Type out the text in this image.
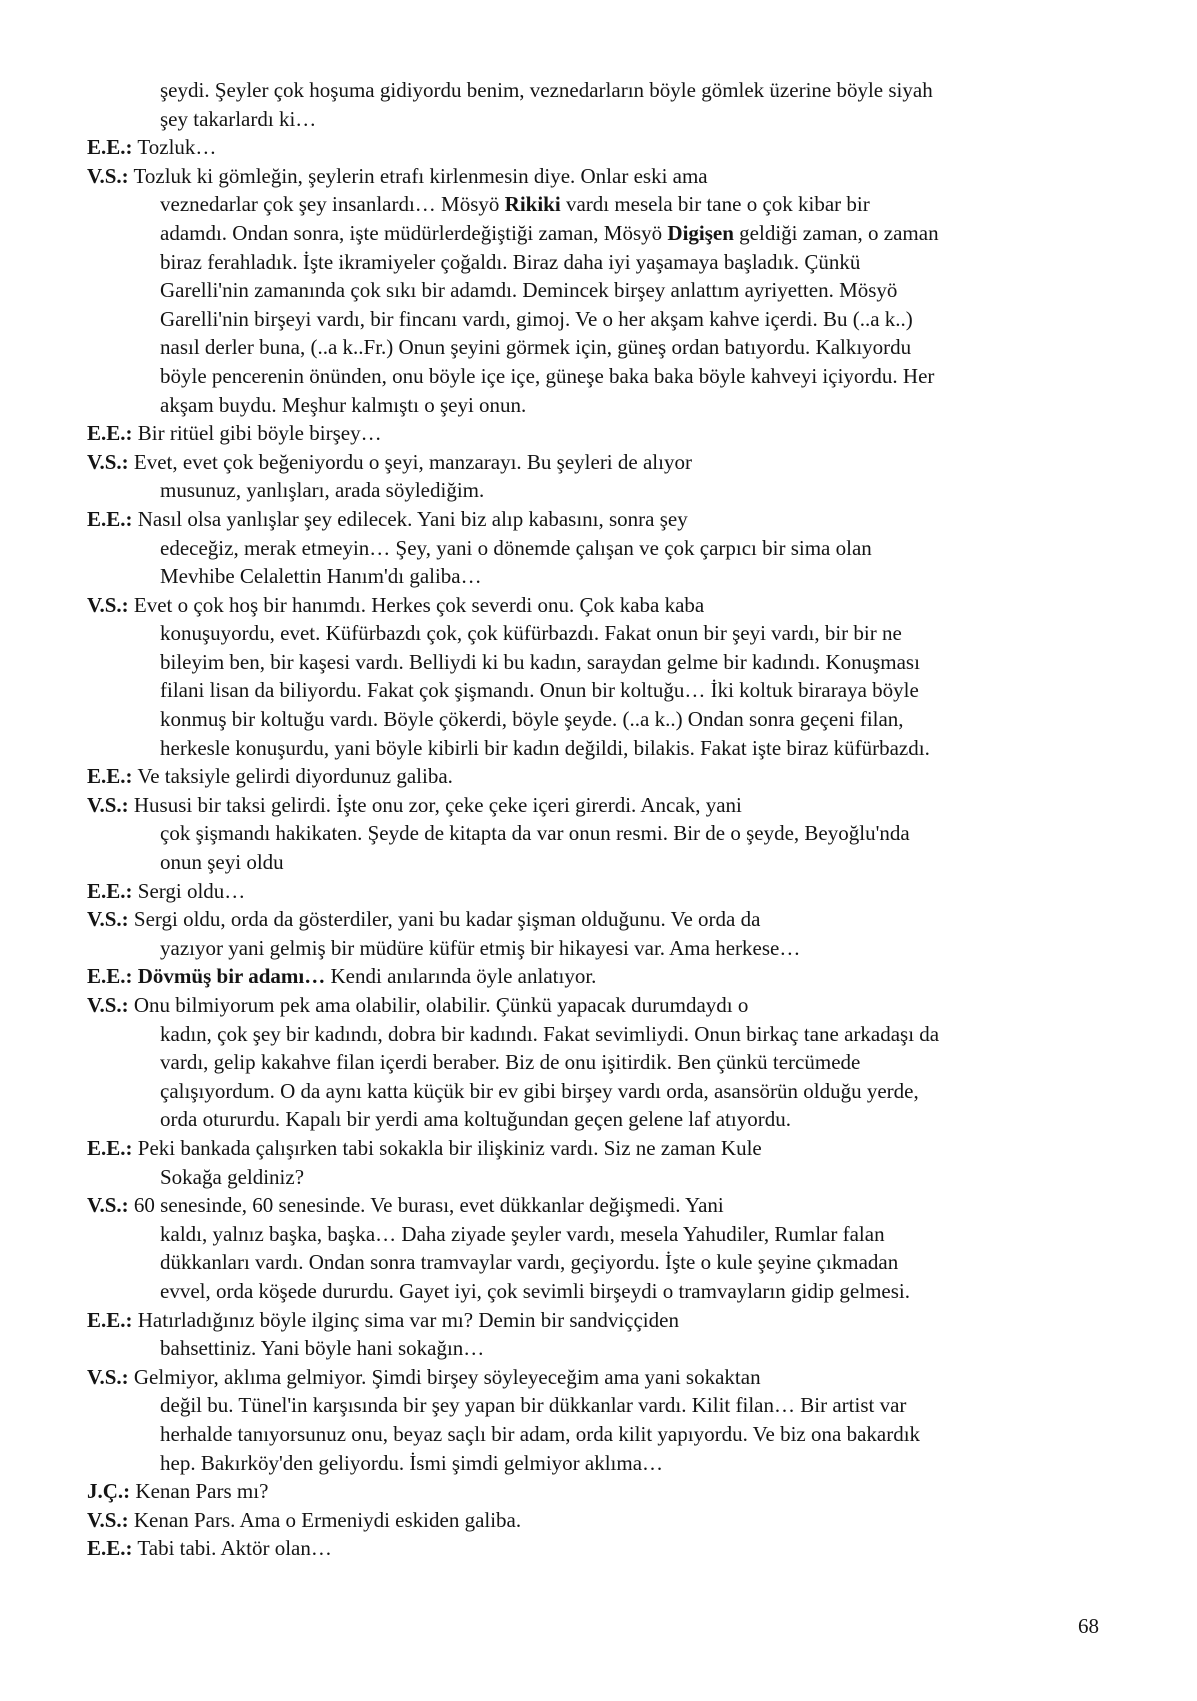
şeydi. Şeyler çok hoşuma gidiyordu benim, veznedarların böyle gömlek üzerine böyle siyah
şey takarlardı ki…
E.E.: Tozluk…
V.S.: Tozluk ki gömleğin, şeylerin etrafı kirlenmesin diye. Onlar eski ama
veznedarlar çok şey insanlardı… Mösyö Rikiki vardı mesela bir tane o çok kibar bir
adamdı. Ondan sonra, işte müdürlerdeğiştiği zaman, Mösyö Digişen geldiği zaman, o zaman
biraz ferahladık. İşte ikramiyeler çoğaldı. Biraz daha iyi yaşamaya başladık. Çünkü
Garelli'nin zamanında çok sıkı bir adamdı. Demincek birşey anlattım ayriyetten. Mösyö
Garelli'nin birşeyi vardı, bir fincanı vardı, gimoj. Ve o her akşam kahve içerdi. Bu (..a k..)
nasıl derler buna, (..a k..Fr.) Onun şeyini görmek için, güneş ordan batıyordu. Kalkıyordu
böyle pencerenin önünden, onu böyle içe içe, güneşe baka baka böyle kahveyi içiyordu. Her
akşam buydu. Meşhur kalmıştı o şeyi onun.
E.E.: Bir ritüel gibi böyle birşey…
V.S.: Evet, evet çok beğeniyordu o şeyi, manzarayı. Bu şeyleri de alıyor
musunuz, yanlışları, arada söylediğim.
E.E.: Nasıl olsa yanlışlar şey edilecek. Yani biz alıp kabasını, sonra şey
edeceğiz, merak etmeyin… Şey, yani o dönemde çalışan ve çok çarpıcı bir sima olan
Mevhibe Celalettin Hanım'dı galiba…
V.S.: Evet o çok hoş bir hanımdı. Herkes çok severdi onu. Çok kaba kaba
konuşuyordu, evet. Küfürbazdı çok, çok küfürbazdı. Fakat onun bir şeyi vardı, bir bir ne
bileyim ben, bir kaşesi vardı. Belliydi ki bu kadın, saraydan gelme bir kadındı. Konuşması
filani lisan da biliyordu. Fakat çok şişmandı. Onun bir koltuğu… İki koltuk biraraya böyle
konmuş bir koltuğu vardı. Böyle çökerdi, böyle şeyde. (..a k..) Ondan sonra geçeni filan,
herkesle konuşurdu, yani böyle kibirli bir kadın değildi, bilakis. Fakat işte biraz küfürbazdı.
E.E.: Ve taksiyle gelirdi diyordunuz galiba.
V.S.: Hususi bir taksi gelirdi. İşte onu zor, çeke çeke içeri girerdi. Ancak, yani
çok şişmandı hakikaten. Şeyde de kitapta da var onun resmi. Bir de o şeyde, Beyoğlu'nda
onun şeyi oldu
E.E.: Sergi oldu…
V.S.: Sergi oldu, orda da gösterdiler, yani bu kadar şişman olduğunu. Ve orda da
yazıyor yani gelmiş bir müdüre küfür etmiş bir hikayesi var. Ama herkese…
E.E.: Dövmüş bir adamı… Kendi anılarında öyle anlatıyor.
V.S.: Onu bilmiyorum pek ama olabilir, olabilir. Çünkü yapacak durumdaydı o
kadın, çok şey bir kadındı, dobra bir kadındı. Fakat sevimliydi. Onun birkaç tane arkadaşı da
vardı, gelip kakahve filan içerdi beraber. Biz de onu işitirdik. Ben çünkü tercümede
çalışıyordum. O da aynı katta küçük bir ev gibi birşey vardı orda, asansörün olduğu yerde,
orda otururdu. Kapalı bir yerdi ama koltuğundan geçen gelene laf atıyordu.
E.E.: Peki bankada çalışırken tabi sokakla bir ilişkiniz vardı. Siz ne zaman Kule
Sokağa geldiniz?
V.S.: 60 senesinde, 60 senesinde. Ve burası, evet dükkanlar değişmedi. Yani
kaldı, yalnız başka, başka… Daha ziyade şeyler vardı, mesela Yahudiler, Rumlar falan
dükkanları vardı. Ondan sonra tramvaylar vardı, geçiyordu. İşte o kule şeyine çıkmadan
evvel, orda köşede dururdu. Gayet iyi, çok sevimli birşeydi o tramvayların gidip gelmesi.
E.E.: Hatırladığınız böyle ilginç sima var mı? Demin bir sandviççiden
bahsettiniz. Yani böyle hani sokağın…
V.S.: Gelmiyor, aklıma gelmiyor. Şimdi birşey söyleyeceğim ama yani sokaktan
değil bu. Tünel'in karşısında bir şey yapan bir dükkanlar vardı. Kilit filan… Bir artist var
herhalde tanıyorsunuz onu, beyaz saçlı bir adam, orda kilit yapıyordu. Ve biz ona bakardık
hep. Bakırköy'den geliyordu. İsmi şimdi gelmiyor aklıma…
J.Ç.: Kenan Pars mı?
V.S.: Kenan Pars. Ama o Ermeniydi eskiden galiba.
E.E.: Tabi tabi. Aktör olan…
68
